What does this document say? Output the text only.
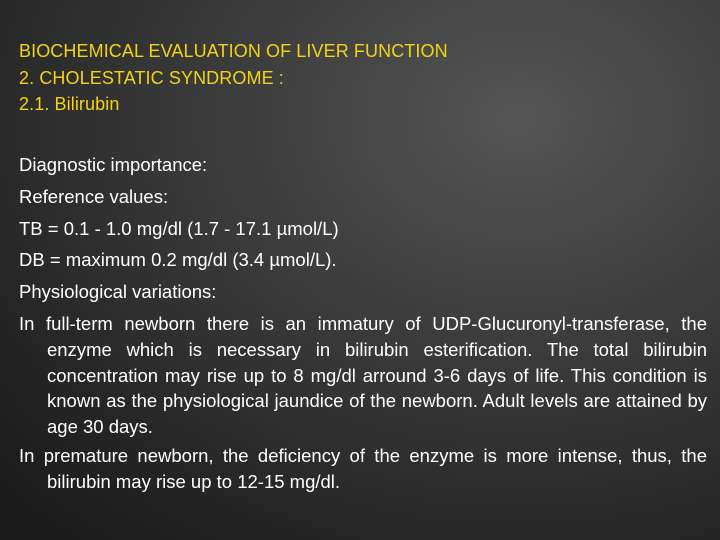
BIOCHEMICAL EVALUATION OF LIVER FUNCTION
2. CHOLESTATIC SYNDROME :
2.1. Bilirubin
Diagnostic importance:
Reference values:
TB = 0.1 - 1.0 mg/dl (1.7 - 17.1 µmol/L)
DB = maximum 0.2 mg/dl (3.4 µmol/L).
Physiological variations:
In full-term newborn there is an immatury of UDP-Glucuronyl-transferase, the enzyme which is necessary in bilirubin esterification. The total bilirubin concentration may rise up to 8 mg/dl arround 3-6 days of life. This condition is known as the physiological jaundice of the newborn. Adult levels are attained by age 30 days.
In premature newborn, the deficiency of the enzyme is more intense, thus, the bilirubin may rise up to 12-15 mg/dl.
